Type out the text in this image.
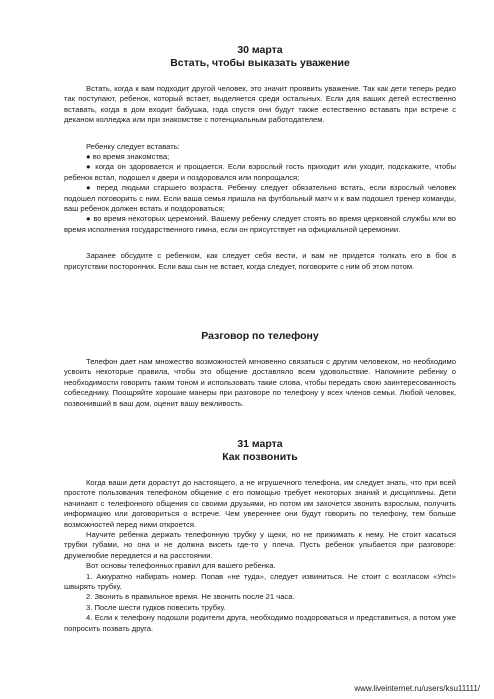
30 марта
Встать, чтобы выказать уважение

Встать, когда к вам подходит другой человек, это значит проявить уважение. Так как дети теперь редко так поступают, ребенок, который встает, выделяется среди остальных. Если для ваших детей естественно вставать, когда в дом входит бабушка, года спустя они будут также естественно вставать при встрече с деканом колледжа или при знакомстве с потенциальным работодателем.

Ребенку следует вставать:

● во время знакомства;

● когда он здоровается и прощается. Если взрослый гость приходит или уходит, подскажите, чтобы ребенок встал, подошел к двери и поздоровался или попрощался;

● перед людьми старшего возраста. Ребенку следует обязательно встать, если взрослый человек подошел поговорить с ним. Если ваша семья пришла на футбольный матч и к вам подошел тренер команды, ваш ребенок должен встать и поздороваться;

● во время некоторых церемоний. Вашему ребенку следует стоять во время церковной службы или во время исполнения государственного гимна, если он присутствует на официальной церемонии.

Заранее обсудите с ребенком, как следует себя вести, и вам не придется толкать его в бок в присутствии посторонних. Если ваш сын не встает, когда следует, поговорите с ним об этом потом.

Разговор по телефону

Телефон дает нам множество возможностей мгновенно связаться с другим человеком, но необходимо усвоить некоторые правила, чтобы это общение доставляло всем удовольствие. Напомните ребенку о необходимости говорить таким тоном и использовать такие слова, чтобы передать свою заинтересованность собеседнику. Поощряйте хорошие манеры при разговоре по телефону у всех членов семьи. Любой человек, позвонивший в ваш дом, оценит вашу вежливость.

31 марта
Как позвонить

Когда ваши дети дорастут до настоящего, а не игрушечного телефона, им следует знать, что при всей простоте пользования телефоном общение с его помощью требует некоторых знаний и дисциплины. Дети начинают с телефонного общения со своими друзьями, но потом им захочется звонить взрослым, получить информацию или договориться о встрече. Чем увереннее они будут говорить по телефону, тем больше возможностей перед ними откроется.

Научите ребенка держать телефонную трубку у щеки, но не прижимать к нему. Не стоит касаться трубки губами, но она и не должна висеть где-то у плеча. Пусть ребенок улыбается при разговоре: дружелюбие передается и на расстоянии.

Вот основы телефонных правил для вашего ребенка.

1. Аккуратно набирать номер. Попав «не туда», следует извиниться. Не стоит с возгласом «Упс!» швырять трубку.

2. Звонить в правильное время. Не звонить после 21 часа.

3. После шести гудков повесить трубку.

4. Если к телефону подошли родители друга, необходимо поздороваться и представиться, а потом уже попросить позвать друга.

www.liveinternet.ru/users/ksu11111/
